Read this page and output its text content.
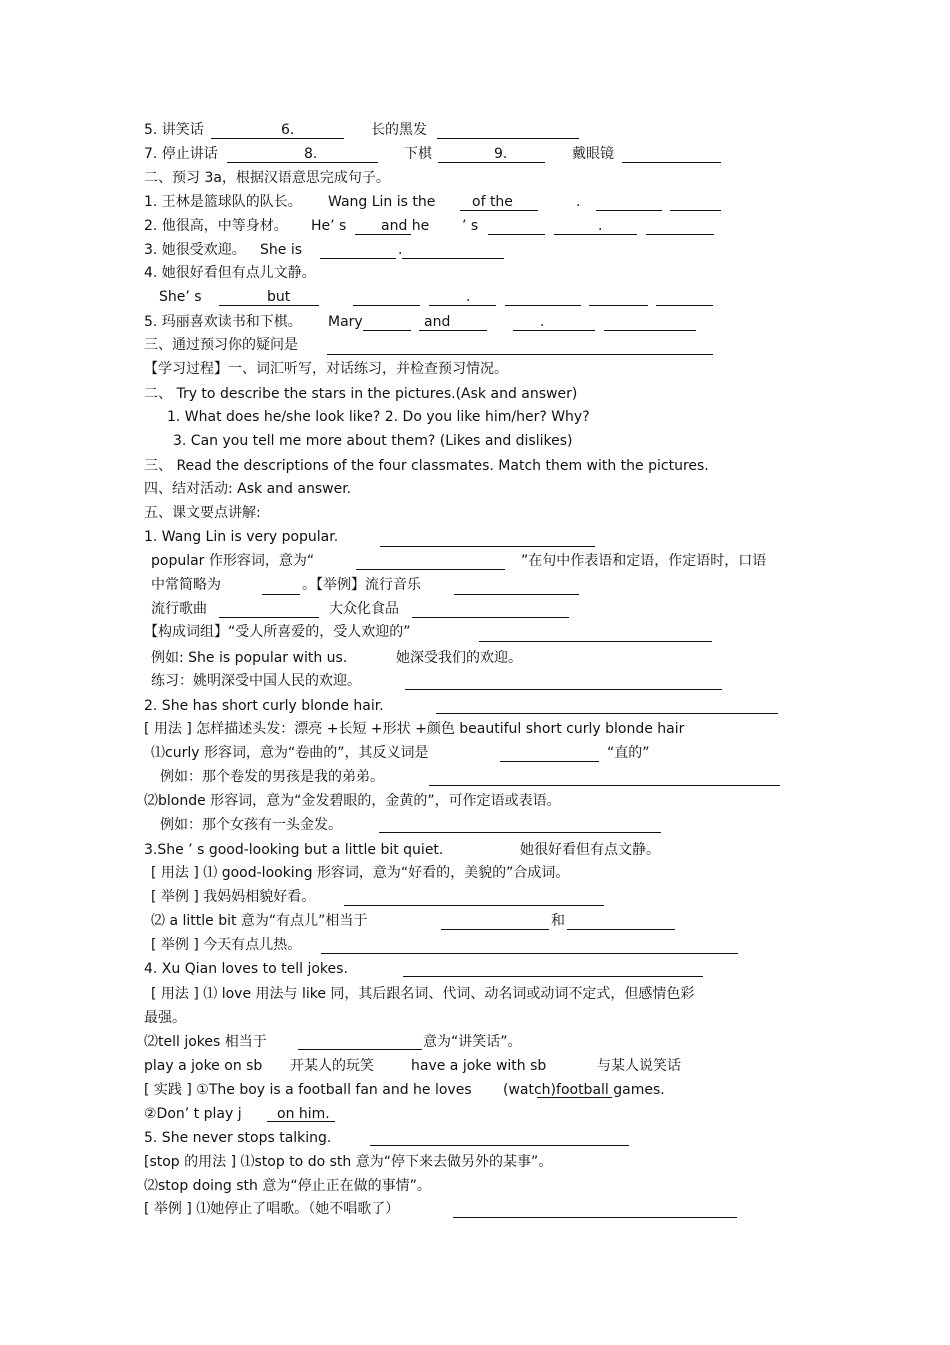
5. 讲笑话	6.	长的黑发
7. 停止讲话	8.	下棋	9.	戴眼镜
二、预习 3a，根据汉语意思完成句子。
1. 王林是篮球队的队长。 Wang Lin is the	of the	.
2. 他很高，中等身材。 He’ s and he ’ s	.
3. 她很受欢迎。 She is	.
4. 她很好看但有点儿文静。
She’ s	but	.
5. 玛丽喜欢读书和下棋。 Mary	and	.
三、通过预习你的疑问是
【学习过程】一、词汇听写，对话练习，并检查预习情况。
二、 Try to describe the stars in the pictures.(Ask and answer)
1. What does he/she look like? 2. Do you like him/her? Why?
3. Can you tell me more about them? (Likes and dislikes)
三、 Read the descriptions of the four classmates. Match them with the pictures.
四、结对活动: Ask and answer.
五、课文要点讲解:
1. Wang Lin is very popular.
popular 作形容词，意为“	”在句中作表语和定语，作定语时，口语
中常简略为	。【举例】流行音乐
流行歌曲	大众化食品
【构成词组】“受人所喜爱的，受人欢迎的”
例如: She is popular with us.	她深受我们的欢迎。
练习：姚明深受中国人民的欢迎。
2. She has short curly blonde hair.
[ 用法 ] 怎样描述头发：漂亮 +长短 +形状 +颜色 beautiful short curly blonde hair
⑴curly 形容词，意为“卷曲的”，其反义词是	“直的”
例如：那个卷发的男孩是我的弟弟。
⑵blonde 形容词，意为“金发碧眼的，金黄的”，可作定语或表语。
例如：那个女孩有一头金发。
3.She ’ s good-looking but a little bit quiet.	她很好看但有点文静。
[ 用法 ] ⑴ good-looking 形容词，意为“好看的，美貌的”合成词。
[ 举例 ] 我妈妈相貌好看。
⑵ a little bit 意为“有点儿”相当于	和
[ 举例 ] 今天有点儿热。
4. Xu Qian loves to tell jokes.
[ 用法 ] ⑴ love 用法与 like 同，其后跟名词、代词、动名词或动词不定式，但感情色彩
最强。
⑵tell jokes 相当于	意为“讲笑话”。
play a joke on sb 开某人的玩笑	have a joke with sb	与某人说笑话
[ 实践 ] ①The boy is a football fan and he loves (watch)football games.
②Don’ t play j	on him.
5. She never stops talking.
[stop 的用法 ] ⑴stop to do sth 意为“停下来去做另外的某事”。
⑵stop doing sth 意为“停止正在做的事情”。
[ 举例 ] ⑴她停止了唱歌。（她不唱歌了）
